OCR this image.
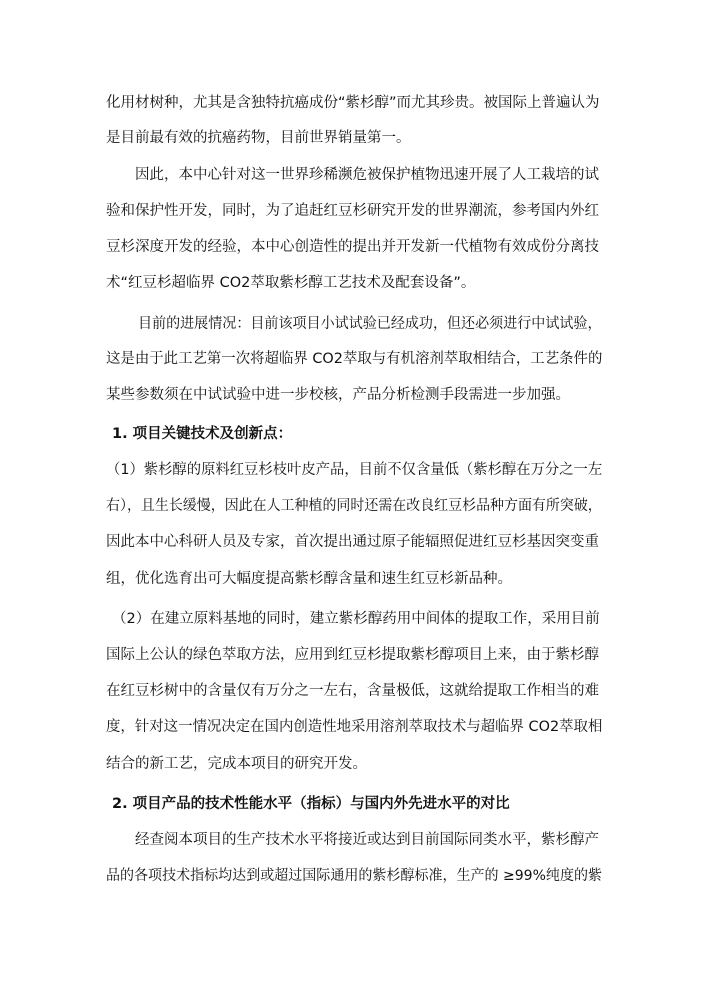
化用材树种，尤其是含独特抗癌成份“紫杉醇”而尤其珍贵。被国际上普遍认为
是目前最有效的抗癌药物，目前世界销量第一。
因此，本中心针对这一世界珍稀濒危被保护植物迅速开展了人工栽培的试
验和保护性开发，同时，为了追赶红豆杉研究开发的世界潮流，参考国内外红
豆杉深度开发的经验，本中心创造性的提出并开发新一代植物有效成份分离技
术“红豆杉超临界 CO2萃取紫杉醇工艺技术及配套设备”。
目前的进展情况：目前该项目小试试验已经成功，但还必须进行中试试验，
这是由于此工艺第一次将超临界 CO2萃取与有机溶剂萃取相结合，工艺条件的
某些参数须在中试试验中进一步校核，产品分析检测手段需进一步加强。
1. 项目关键技术及创新点：
（1）紫杉醇的原料红豆杉枝叶皮产品，目前不仅含量低（紫杉醇在万分之一左
右），且生长缓慢，因此在人工种植的同时还需在改良红豆杉品种方面有所突破，
因此本中心科研人员及专家，首次提出通过原子能辐照促进红豆杉基因突变重
组，优化选育出可大幅度提高紫杉醇含量和速生红豆杉新品种。
（2）在建立原料基地的同时，建立紫杉醇药用中间体的提取工作，采用目前
国际上公认的绿色萃取方法，应用到红豆杉提取紫杉醇项目上来，由于紫杉醇
在红豆杉树中的含量仅有万分之一左右，含量极低，这就给提取工作相当的难
度，针对这一情况决定在国内创造性地采用溶剂萃取技术与超临界 CO2萃取相
结合的新工艺，完成本项目的研究开发。
2. 项目产品的技术性能水平（指标）与国内外先进水平的对比
经查阅本项目的生产技术水平将接近或达到目前国际同类水平，紫杉醇产
品的各项技术指标均达到或超过国际通用的紫杉醇标准，生产的 ≥99%纯度的紫
